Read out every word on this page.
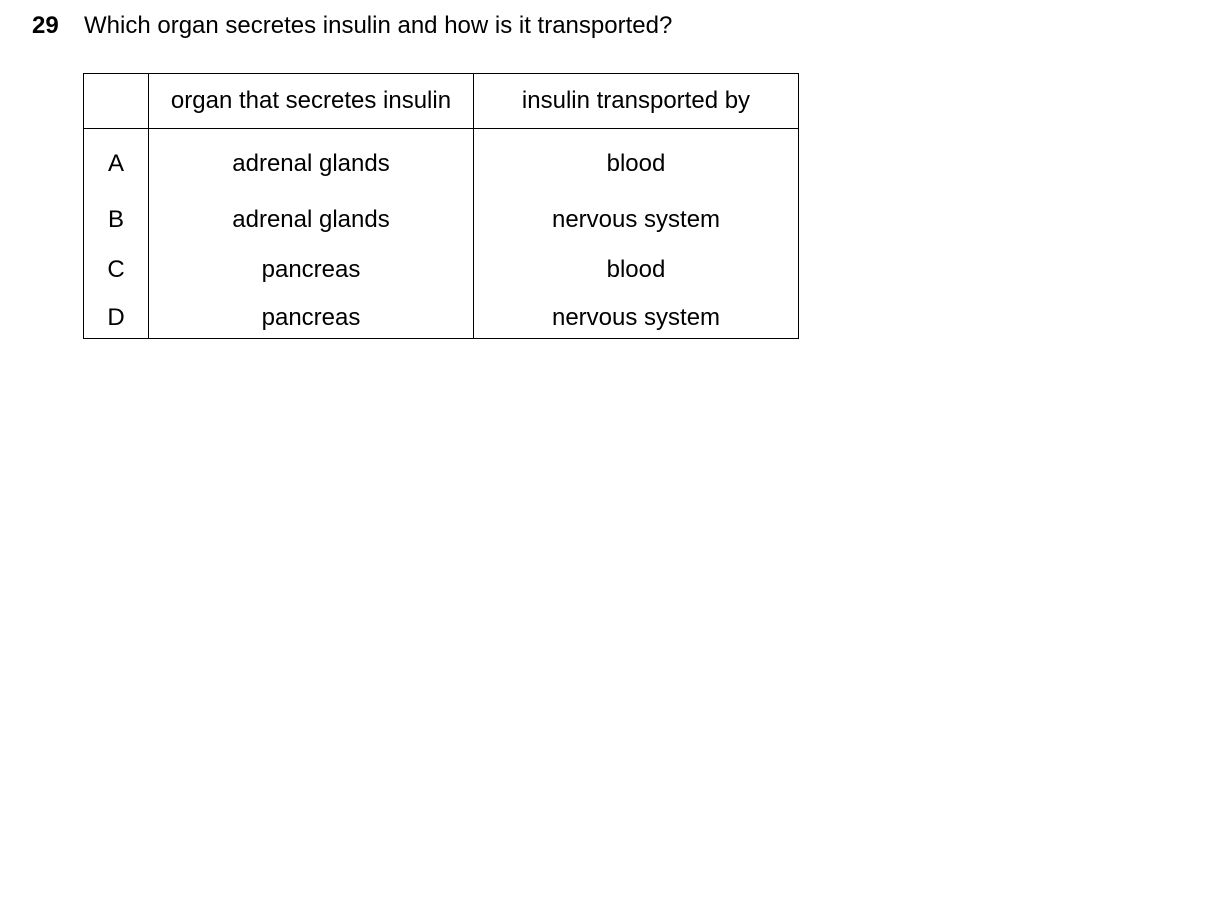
29 Which organ secretes insulin and how is it transported?
	organ that secretes insulin	insulin transported by
A	adrenal glands	blood
B	adrenal glands	nervous system
C	pancreas	blood
D	pancreas	nervous system
